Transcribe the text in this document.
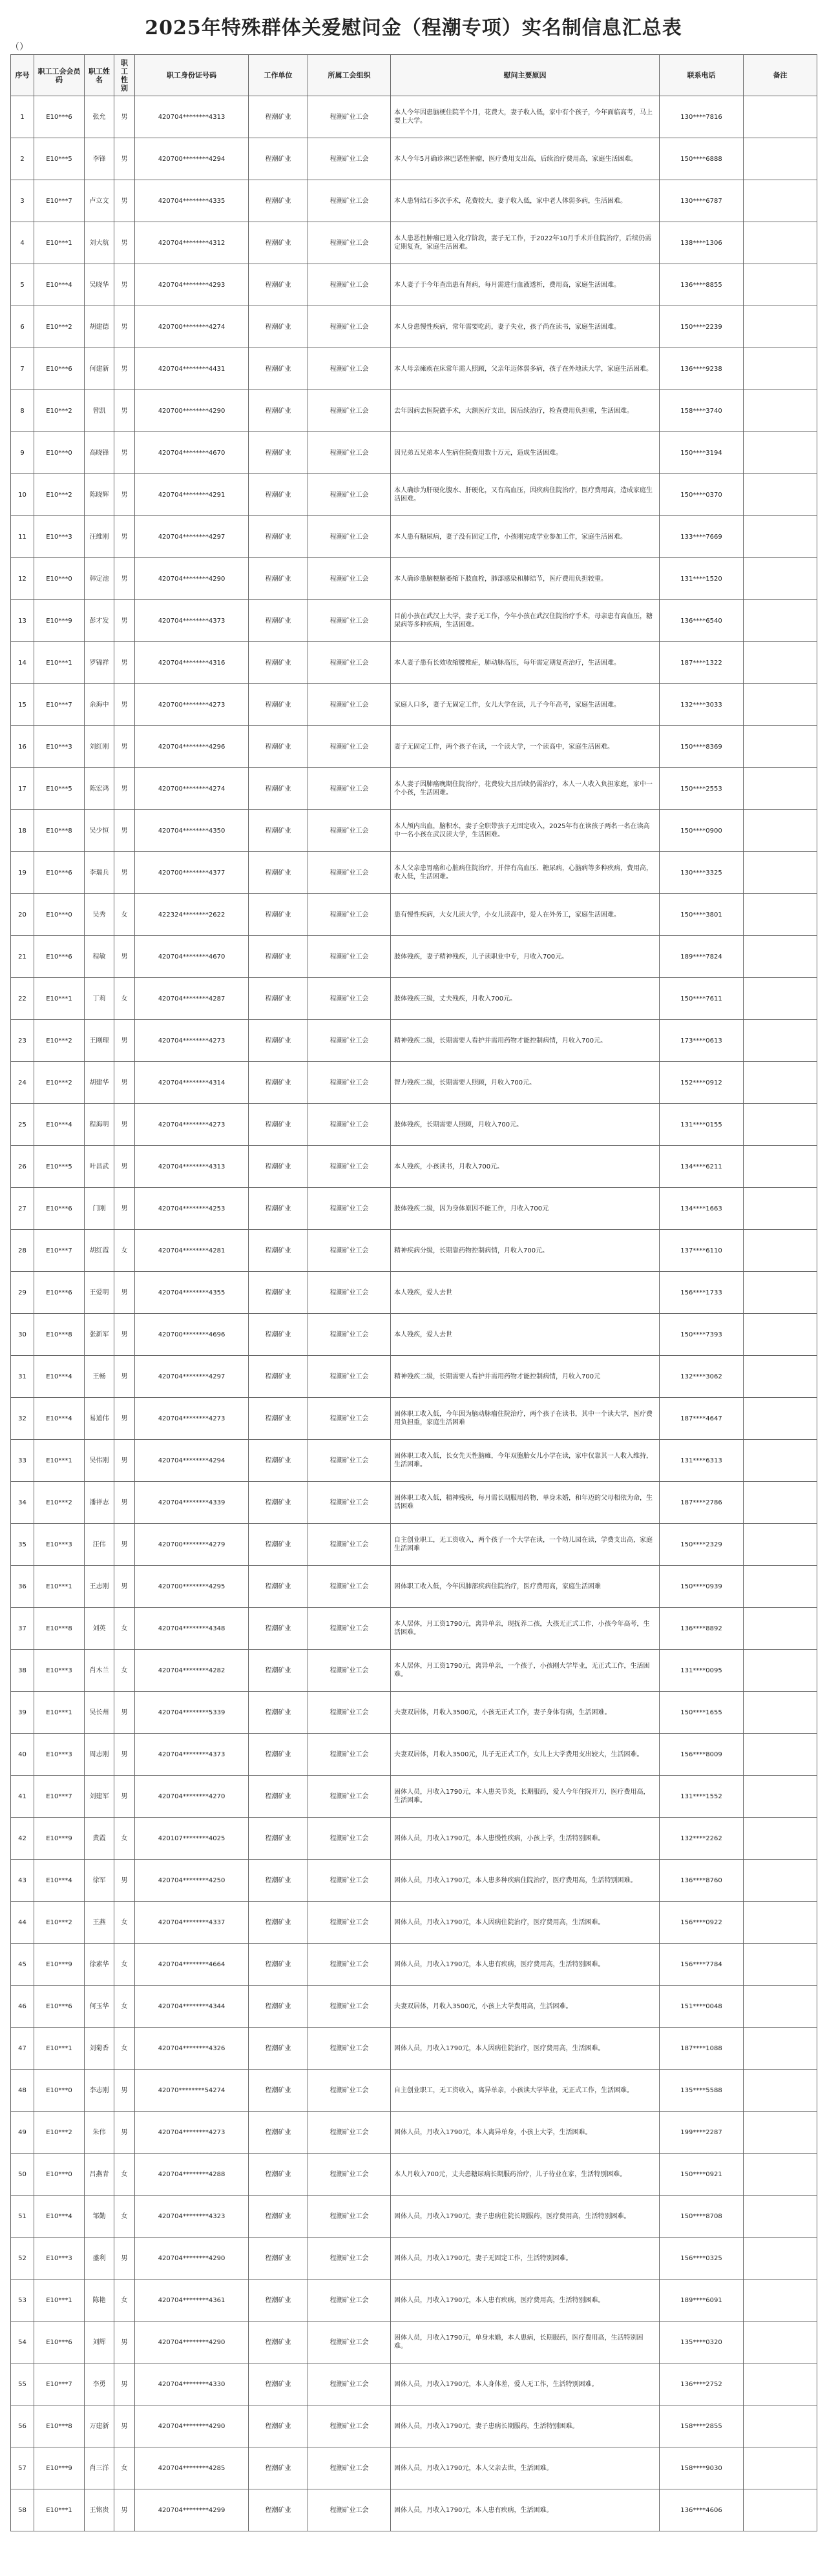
2025年特殊群体关爱慰问金（程潮专项）实名制信息汇总表
（）
序号	职工工会会员码	职工姓名	职工性别	职工身份证号码	工作单位	所属工会组织	慰问主要原因	联系电话	备注
1	E10***6	张允	男	420704********4313	程潮矿业	程潮矿业工会	本人今年因患脑梗住院半个月，花费大，妻子收入低，家中有个孩子，今年面临高考，马上要上大学。	130****7816	
2	E10***5	李锋	男	420700********4294	程潮矿业	程潮矿业工会	本人今年5月确诊淋巴恶性肿瘤，医疗费用支出高，后续治疗费用高，家庭生活困难。	150****6888	
3	E10***7	卢立文	男	420704********4335	程潮矿业	程潮矿业工会	本人患肾结石多次手术，花费较大，妻子收入低，家中老人体弱多病，生活困难。	130****6787	
4	E10***1	刘大航	男	420704********4312	程潮矿业	程潮矿业工会	本人患恶性肿瘤已进入化疗阶段，妻子无工作，于2022年10月手术并住院治疗，后续仍需定期复查，家庭生活困难。	138****1306	
5	E10***4	吴晓华	男	420704********4293	程潮矿业	程潮矿业工会	本人妻子于今年查出患有肾病，每月需进行血液透析，费用高，家庭生活困难。	136****8855	
6	E10***2	胡建德	男	420700********4274	程潮矿业	程潮矿业工会	本人身患慢性疾病，常年需要吃药，妻子失业，孩子尚在读书，家庭生活困难。	150****2239	
7	E10***6	何建新	男	420704********4431	程潮矿业	程潮矿业工会	本人母亲瘫痪在床常年需人照顾，父亲年迈体弱多病，孩子在外地读大学，家庭生活困难。	136****9238	
8	E10***2	曾凯	男	420700********4290	程潮矿业	程潮矿业工会	去年因病去医院做手术，大额医疗支出，因后续治疗，检查费用负担重，生活困难。	158****3740	
9	E10***0	高晓锋	男	420704********4670	程潮矿业	程潮矿业工会	因兄弟五兄弟本人生病住院费用数十万元，造成生活困难。	150****3194	
10	E10***2	陈晓辉	男	420704********4291	程潮矿业	程潮矿业工会	本人确诊为肝硬化腹水、肝硬化，又有高血压，因疾病住院治疗，医疗费用高，造成家庭生活困难。	150****0370	
11	E10***3	汪维刚	男	420704********4297	程潮矿业	程潮矿业工会	本人患有糖尿病，妻子没有固定工作，小孩刚完成学业参加工作，家庭生活困难。	133****7669	
12	E10***0	韩定池	男	420704********4290	程潮矿业	程潮矿业工会	本人确诊患脑梗脑萎缩下肢血栓，肺部感染和肺结节，医疗费用负担较重。	131****1520	
13	E10***9	彭才发	男	420704********4373	程潮矿业	程潮矿业工会	目前小孩在武汉上大学，妻子无工作，今年小孩在武汉住院治疗手术，母亲患有高血压，糖尿病等多种疾病，生活困难。	136****6540	
14	E10***1	罗锦祥	男	420704********4316	程潮矿业	程潮矿业工会	本人妻子患有长效收缩腰椎症，肺动脉高压，每年需定期复查治疗，生活困难。	187****1322	
15	E10***7	余海中	男	420700********4273	程潮矿业	程潮矿业工会	家庭人口多，妻子无固定工作，女儿大学在读，儿子今年高考，家庭生活困难。	132****3033	
16	E10***3	刘红刚	男	420704********4296	程潮矿业	程潮矿业工会	妻子无固定工作，两个孩子在读，一个读大学，一个读高中，家庭生活困难。	150****8369	
17	E10***5	陈宏鸿	男	420700********4274	程潮矿业	程潮矿业工会	本人妻子因肺癌晚期住院治疗，花费较大且后续仍需治疗，本人一人收入负担家庭，家中一个小孩，生活困难。	150****2553	
18	E10***8	吴少恒	男	420704********4350	程潮矿业	程潮矿业工会	本人颅内出血，脑积水，妻子全职带孩子无固定收入，2025年有在读孩子两名一名在读高中一名小孩在武汉读大学，生活困难。	150****0900	
19	E10***6	李瑞兵	男	420700********4377	程潮矿业	程潮矿业工会	本人父亲患胃癌和心脏病住院治疗，并伴有高血压、糖尿病，心脑病等多种疾病，费用高，收入低，生活困难。	130****3325	
20	E10***0	吴秀	女	422324********2622	程潮矿业	程潮矿业工会	患有慢性疾病，大女儿读大学，小女儿读高中，爱人在外务工，家庭生活困难。	150****3801	
21	E10***6	程敏	男	420704********4670	程潮矿业	程潮矿业工会	肢体残疾，妻子精神残疾，儿子读职业中专，月收入700元。	189****7824	
22	E10***1	丁莉	女	420704********4287	程潮矿业	程潮矿业工会	肢体残疾三级，丈夫残疾，月收入700元。	150****7611	
23	E10***2	王刚理	男	420704********4273	程潮矿业	程潮矿业工会	精神残疾二级，长期需要人看护并需用药物才能控制病情，月收入700元。	173****0613	
24	E10***2	胡建华	男	420704********4314	程潮矿业	程潮矿业工会	智力残疾二级，长期需要人照顾，月收入700元。	152****0912	
25	E10***4	程海明	男	420704********4273	程潮矿业	程潮矿业工会	肢体残疾，长期需要人照顾，月收入700元。	131****0155	
26	E10***5	叶昌武	男	420704********4313	程潮矿业	程潮矿业工会	本人残疾，小孩读书，月收入700元。	134****6211	
27	E10***6	门刚	男	420704********4253	程潮矿业	程潮矿业工会	肢体残疾二级，因为身体原因不能工作，月收入700元	134****1663	
28	E10***7	胡红霞	女	420704********4281	程潮矿业	程潮矿业工会	精神疾病分级，长期靠药物控制病情，月收入700元。	137****6110	
29	E10***6	王爱明	男	420704********4355	程潮矿业	程潮矿业工会	本人残疾，爱人去世	156****1733	
30	E10***8	张新军	男	420700********4696	程潮矿业	程潮矿业工会	本人残疾，爱人去世	150****7393	
31	E10***4	王畅	男	420704********4297	程潮矿业	程潮矿业工会	精神残疾二级，长期需要人看护并需用药物才能控制病情，月收入700元	132****3062	
32	E10***4	易道伟	男	420704********4273	程潮矿业	程潮矿业工会	困体职工收入低，今年因为脑动脉瘤住院治疗，两个孩子在读书，其中一个读大学，医疗费用负担重，家庭生活困难	187****4647	
33	E10***1	吴伟刚	男	420704********4294	程潮矿业	程潮矿业工会	困体职工收入低，长女先天性脑瘫，今年双胞胎女儿小学在读，家中仅靠其一人收入维持，生活困难。	131****6313	
34	E10***2	潘祥志	男	420704********4339	程潮矿业	程潮矿业工会	困体职工收入低，精神残疾，每月需长期服用药物，单身未婚，和年迈的父母相依为命，生活困难	187****2786	
35	E10***3	汪伟	男	420700********4279	程潮矿业	程潮矿业工会	自主创业职工，无工资收入，两个孩子一个大学在读，一个幼儿园在读，学费支出高，家庭生活困难	150****2329	
36	E10***1	王志刚	男	420700********4295	程潮矿业	程潮矿业工会	困体职工收入低，今年因肺部疾病住院治疗，医疗费用高，家庭生活困难	150****0939	
37	E10***8	刘英	女	420704********4348	程潮矿业	程潮矿业工会	本人居体，月工资1790元，离异单亲，现抚养二孩，大孩无正式工作，小孩今年高考，生活困难。	136****8892	
38	E10***3	肖木兰	女	420704********4282	程潮矿业	程潮矿业工会	本人居体，月工资1790元，离异单亲，一个孩子，小孩刚大学毕业，无正式工作，生活困难。	131****0095	
39	E10***1	吴长州	男	420704********5339	程潮矿业	程潮矿业工会	夫妻双居体，月收入3500元，小孩无正式工作，妻子身体有病，生活困难。	150****1655	
40	E10***3	周志刚	男	420704********4373	程潮矿业	程潮矿业工会	夫妻双居体，月收入3500元，儿子无正式工作，女儿上大学费用支出较大，生活困难。	156****8009	
41	E10***7	刘建军	男	420704********4270	程潮矿业	程潮矿业工会	困体人员，月收入1790元，本人患关节炎，长期服药，爱人今年住院开刀，医疗费用高，生活困难。	131****1552	
42	E10***9	黄霞	女	420107********4025	程潮矿业	程潮矿业工会	困体人员，月收入1790元，本人患慢性疾病，小孩上学，生活特别困难。	132****2262	
43	E10***4	徐军	男	420704********4250	程潮矿业	程潮矿业工会	困体人员，月收入1790元，本人患多种疾病住院治疗，医疗费用高，生活特别困难。	136****8760	
44	E10***2	王燕	女	420704********4337	程潮矿业	程潮矿业工会	困体人员，月收入1790元，本人因病住院治疗，医疗费用高，生活困难。	156****0922	
45	E10***9	徐素华	女	420704********4664	程潮矿业	程潮矿业工会	困体人员，月收入1790元，本人患有疾病，医疗费用高，生活特别困难。	156****7784	
46	E10***6	何玉华	女	420704********4344	程潮矿业	程潮矿业工会	夫妻双居体，月收入3500元，小孩上大学费用高，生活困难。	151****0048	
47	E10***1	刘菊香	女	420704********4326	程潮矿业	程潮矿业工会	困体人员，月收入1790元，本人因病住院治疗，医疗费用高，生活困难。	187****1088	
48	E10***0	李志刚	男	42070********54274	程潮矿业	程潮矿业工会	自主创业职工，无工资收入，离异单亲，小孩读大学毕业，无正式工作，生活困难。	135****5588	
49	E10***2	朱伟	男	420704********4273	程潮矿业	程潮矿业工会	困体人员，月收入1790元，本人离异单身，小孩上大学，生活困难。	199****2287	
50	E10***0	吕燕青	女	420704********4288	程潮矿业	程潮矿业工会	本人月收入700元，丈夫患糖尿病长期服药治疗，儿子待业在家，生活特别困难。	150****0921	
51	E10***4	邹勤	女	420704********4323	程潮矿业	程潮矿业工会	困体人员，月收入1790元，妻子患病住院长期服药，医疗费用高，生活特别困难。	150****8708	
52	E10***3	盛利	男	420704********4290	程潮矿业	程潮矿业工会	困体人员，月收入1790元，妻子无固定工作，生活特别困难。	156****0325	
53	E10***1	陈艳	女	420704********4361	程潮矿业	程潮矿业工会	困体人员，月收入1790元，本人患有疾病，医疗费用高，生活特别困难。	189****6091	
54	E10***6	刘辉	男	420704********4290	程潮矿业	程潮矿业工会	困体人员，月收入1790元，单身未婚，本人患病，长期服药，医疗费用高，生活特别困难。	135****0320	
55	E10***7	李勇	男	420704********4330	程潮矿业	程潮矿业工会	困体人员，月收入1790元，本人身体差，爱人无工作，生活特别困难。	136****2752	
56	E10***8	万建新	男	420704********4290	程潮矿业	程潮矿业工会	困体人员，月收入1790元，妻子患病长期服药，生活特别困难。	158****2855	
57	E10***9	肖三洋	女	420704********4285	程潮矿业	程潮矿业工会	困体人员，月收入1790元，本人父亲去世，生活困难。	158****9030	
58	E10***1	王铭贵	男	420704********4299	程潮矿业	程潮矿业工会	困体人员，月收入1790元，本人患有疾病，生活困难。	136****4606	
